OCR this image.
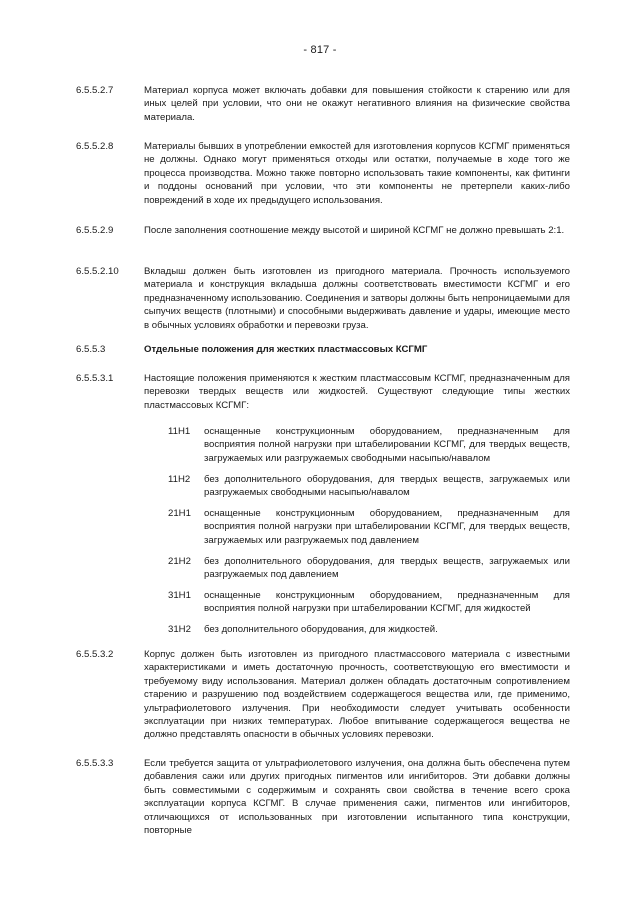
- 817 -
6.5.5.2.7	Материал корпуса может включать добавки для повышения стойкости к старению или для иных целей при условии, что они не окажут негативного влияния на физические свойства материала.
6.5.5.2.8	Материалы бывших в употреблении емкостей для изготовления корпусов КСГМГ применяться не должны. Однако могут применяться отходы или остатки, получаемые в ходе того же процесса производства. Можно также повторно использовать такие компоненты, как фитинги и поддоны оснований при условии, что эти компоненты не претерпели каких-либо повреждений в ходе их предыдущего использования.
6.5.5.2.9	После заполнения соотношение между высотой и шириной КСГМГ не должно превышать 2:1.
6.5.5.2.10	Вкладыш должен быть изготовлен из пригодного материала. Прочность используемого материала и конструкция вкладыша должны соответствовать вместимости КСГМГ и его предназначенному использованию. Соединения и затворы должны быть непроницаемыми для сыпучих веществ (плотными) и способными выдерживать давление и удары, имеющие место в обычных условиях обработки и перевозки груза.
6.5.5.3	Отдельные положения для жестких пластмассовых КСГМГ
6.5.5.3.1	Настоящие положения применяются к жестким пластмассовым КСГМГ, предназначенным для перевозки твердых веществ или жидкостей. Существуют следующие типы жестких пластмассовых КСГМГ:
11H1	оснащенные конструкционным оборудованием, предназначенным для восприятия полной нагрузки при штабелировании КСГМГ, для твердых веществ, загружаемых или разгружаемых свободными насыпью/навалом
11H2	без дополнительного оборудования, для твердых веществ, загружаемых или разгружаемых свободными насыпью/навалом
21H1	оснащенные конструкционным оборудованием, предназначенным для восприятия полной нагрузки при штабелировании КСГМГ, для твердых веществ, загружаемых или разгружаемых под давлением
21H2	без дополнительного оборудования, для твердых веществ, загружаемых или разгружаемых под давлением
31H1	оснащенные конструкционным оборудованием, предназначенным для восприятия полной нагрузки при штабелировании КСГМГ, для жидкостей
31H2	без дополнительного оборудования, для жидкостей.
6.5.5.3.2	Корпус должен быть изготовлен из пригодного пластмассового материала с известными характеристиками и иметь достаточную прочность, соответствующую его вместимости и требуемому виду использования. Материал должен обладать достаточным сопротивлением старению и разрушению под воздействием содержащегося вещества или, где применимо, ультрафиолетового излучения. При необходимости следует учитывать особенности эксплуатации при низких температурах. Любое впитывание содержащегося вещества не должно представлять опасности в обычных условиях перевозки.
6.5.5.3.3	Если требуется защита от ультрафиолетового излучения, она должна быть обеспечена путем добавления сажи или других пригодных пигментов или ингибиторов. Эти добавки должны быть совместимыми с содержимым и сохранять свои свойства в течение всего срока эксплуатации корпуса КСГМГ. В случае применения сажи, пигментов или ингибиторов, отличающихся от использованных при изготовлении испытанного типа конструкции, повторные
